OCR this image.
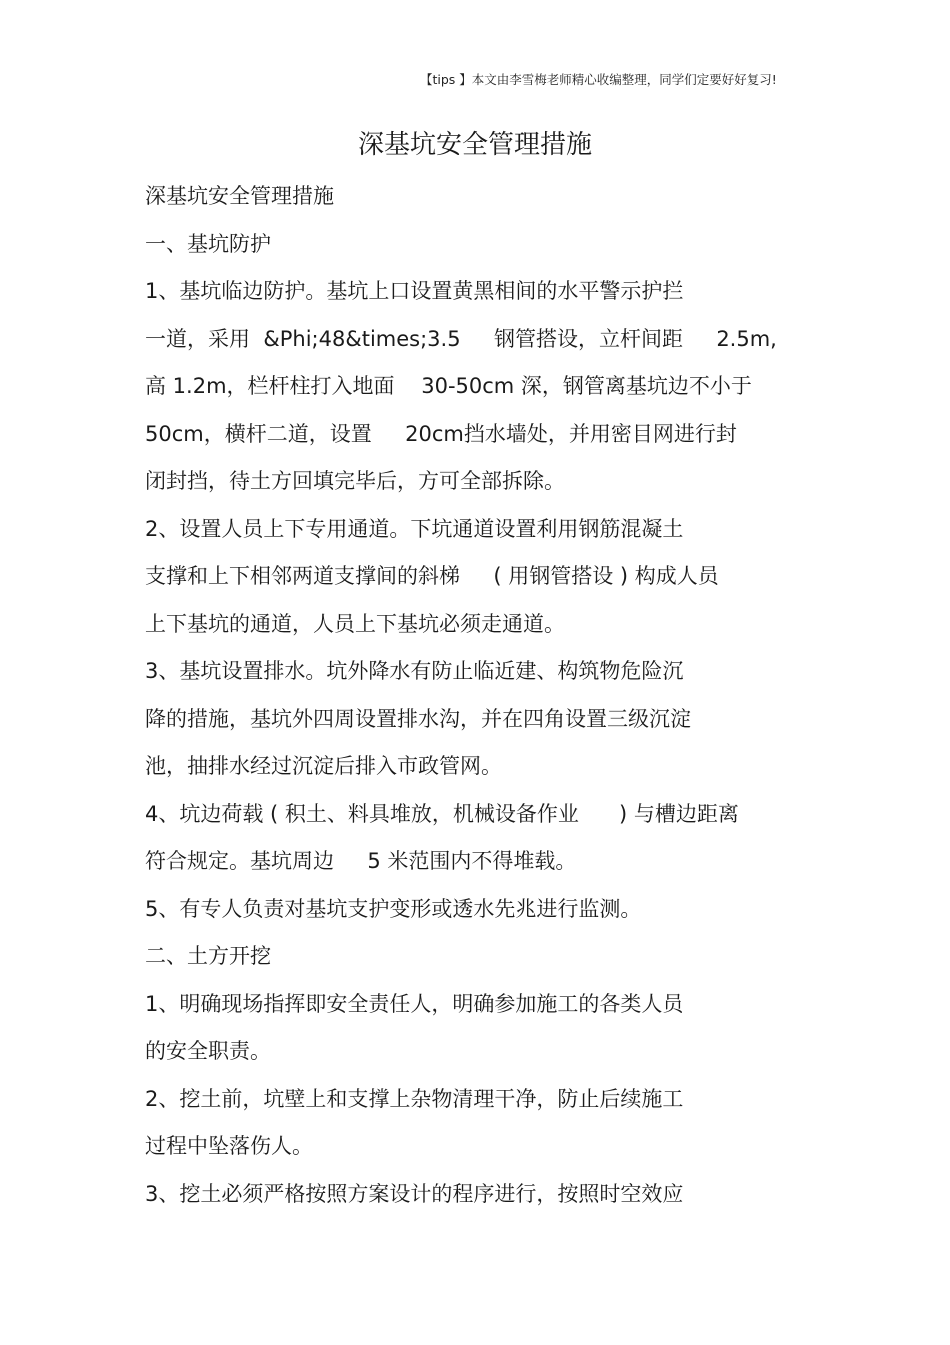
【tips 】本文由李雪梅老师精心收编整理，同学们定要好好复习!
深基坑安全管理措施
深基坑安全管理措施
一、基坑防护
1、基坑临边防护。基坑上口设置黄黑相间的水平警示护拦
一道，采用  &Phi;48&times;3.5     钢管搭设，立杆间距     2.5m,
高 1.2m，栏杆柱打入地面    30-50cm 深，钢管离基坑边不小于
50cm，横杆二道，设置     20cm挡水墙处，并用密目网进行封
闭封挡，待土方回填完毕后，方可全部拆除。
2、设置人员上下专用通道。下坑通道设置利用钢筋混凝土
支撑和上下相邻两道支撑间的斜梯     ( 用钢管搭设 ) 构成人员
上下基坑的通道，人员上下基坑必须走通道。
3、基坑设置排水。坑外降水有防止临近建、构筑物危险沉
降的措施，基坑外四周设置排水沟，并在四角设置三级沉淀
池，抽排水经过沉淀后排入市政管网。
4、坑边荷载 ( 积土、料具堆放，机械设备作业      ) 与槽边距离
符合规定。基坑周边     5 米范围内不得堆载。
5、有专人负责对基坑支护变形或透水先兆进行监测。
二、土方开挖
1、明确现场指挥即安全责任人，明确参加施工的各类人员
的安全职责。
2、挖土前，坑壁上和支撑上杂物清理干净，防止后续施工
过程中坠落伤人。
3、挖土必须严格按照方案设计的程序进行，按照时空效应
